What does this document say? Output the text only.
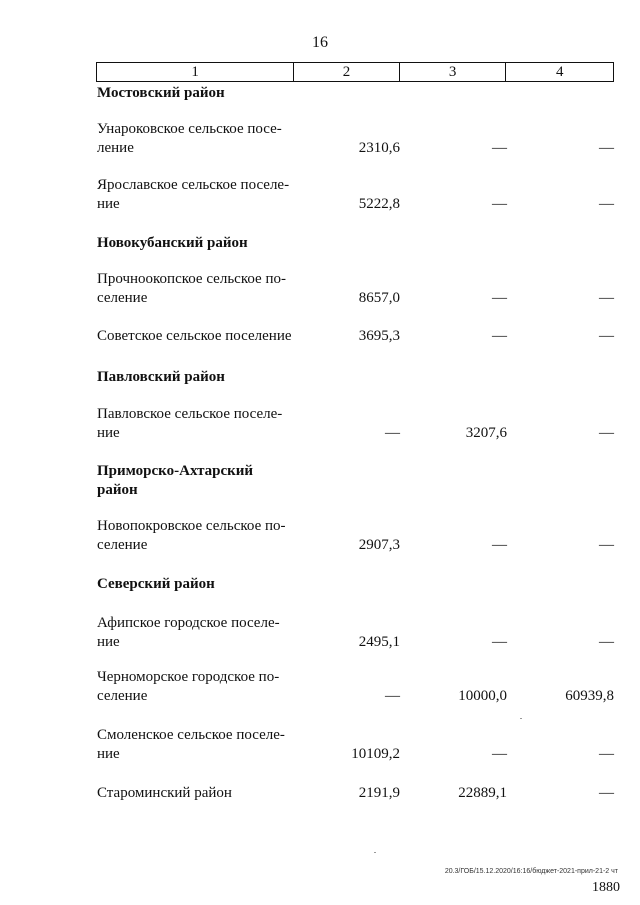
16
1	2	3	4
Мостовский район
Унароковское сельское посе-
ление	2310,6	—	—
Ярославское сельское поселе-
ние	5222,8	—	—
Новокубанский район
Прочноокопское сельское по-
селение	8657,0	—	—
Советское сельское поселение	3695,3	—	—
Павловский район
Павловское сельское поселе-
ние	—	3207,6	—
Приморско-Ахтарский
район
Новопокровское сельское по-
селение	2907,3	—	—
Северский район
Афипское городское поселе-
ние	2495,1	—	—
Черноморское городское по-
селение	—	10000,0	60939,8
Смоленское сельское поселе-
ние	10109,2	—	—
Староминский район	2191,9	22889,1	—
20.3/ГОБ/15.12.2020/16:16/бюджет-2021-прил-21-2 чт
1880
